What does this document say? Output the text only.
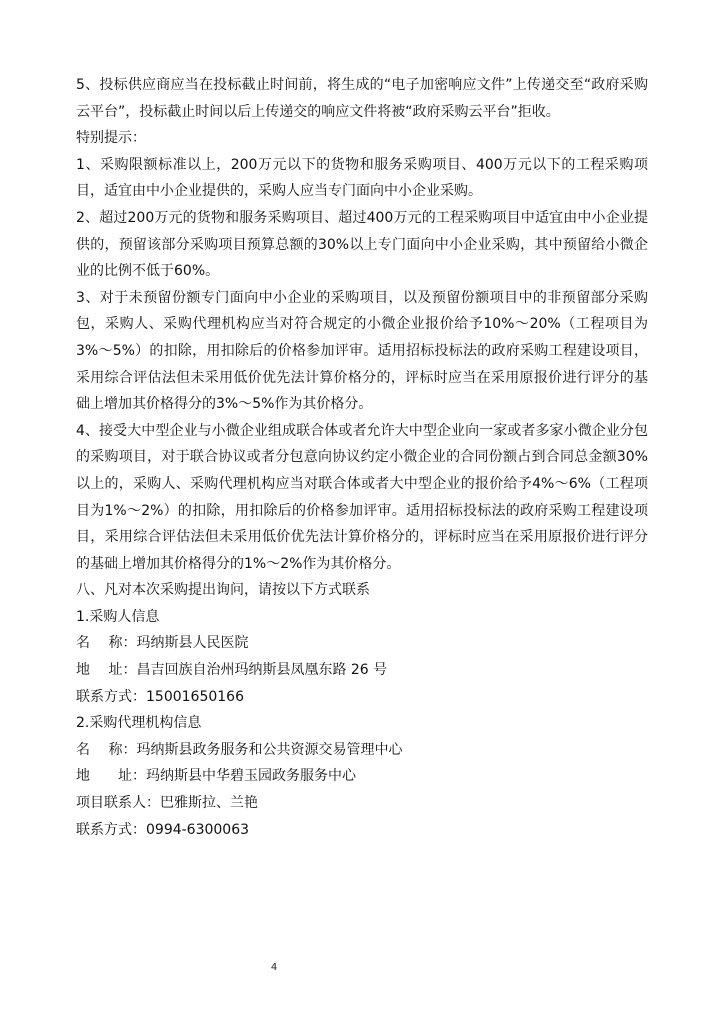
5、投标供应商应当在投标截止时间前，将生成的“电子加密响应文件”上传递交至“政府采购云平台”，投标截止时间以后上传递交的响应文件将被“政府采购云平台”拒收。

特别提示：

1、采购限额标准以上，200万元以下的货物和服务采购项目、400万元以下的工程采购项目，适宜由中小企业提供的，采购人应当专门面向中小企业采购。

2、超过200万元的货物和服务采购项目、超过400万元的工程采购项目中适宜由中小企业提供的，预留该部分采购项目预算总额的30%以上专门面向中小企业采购，其中预留给小微企业的比例不低于60%。

3、对于未预留份额专门面向中小企业的采购项目，以及预留份额项目中的非预留部分采购包，采购人、采购代理机构应当对符合规定的小微企业报价给予10%～20%（工程项目为3%～5%）的扣除，用扣除后的价格参加评审。适用招标投标法的政府采购工程建设项目，采用综合评估法但未采用低价优先法计算价格分的，评标时应当在采用原报价进行评分的基础上增加其价格得分的3%～5%作为其价格分。

4、接受大中型企业与小微企业组成联合体或者允许大中型企业向一家或者多家小微企业分包的采购项目，对于联合协议或者分包意向协议约定小微企业的合同份额占到合同总金额30%以上的，采购人、采购代理机构应当对联合体或者大中型企业的报价给予4%～6%（工程项目为1%～2%）的扣除，用扣除后的价格参加评审。适用招标投标法的政府采购工程建设项目，采用综合评估法但未采用低价优先法计算价格分的，评标时应当在采用原报价进行评分的基础上增加其价格得分的1%～2%作为其价格分。

八、凡对本次采购提出询问，请按以下方式联系

1.采购人信息

名　 称：玛纳斯县人民医院

地　 址：昌吉回族自治州玛纳斯县凤凰东路 26 号

联系方式：15001650166

2.采购代理机构信息

名　 称：玛纳斯县政务服务和公共资源交易管理中心

地　　址：玛纳斯县中华碧玉园政务服务中心

项目联系人：巴雅斯拉、兰艳

联系方式：0994-6300063

4
